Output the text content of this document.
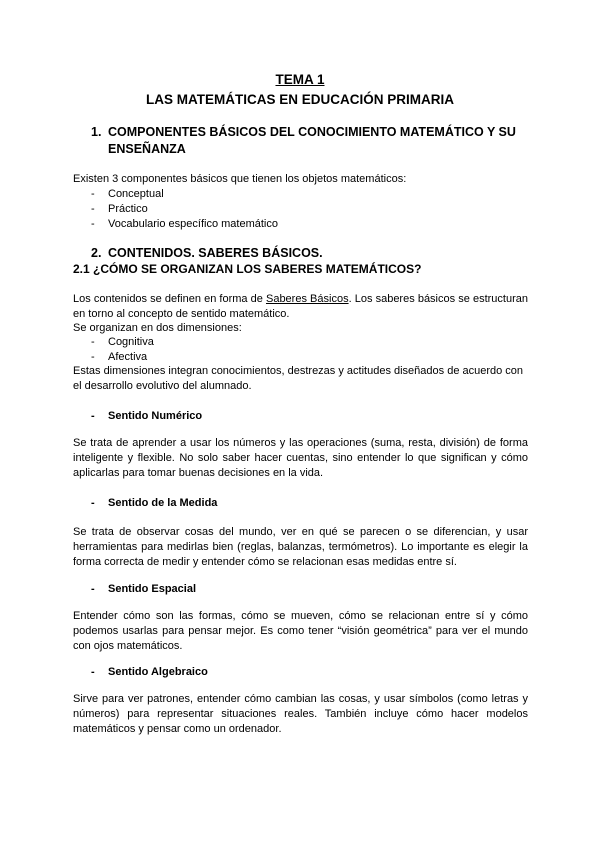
TEMA 1
LAS MATEMÁTICAS EN EDUCACIÓN PRIMARIA
1. COMPONENTES BÁSICOS DEL CONOCIMIENTO MATEMÁTICO Y SU ENSEÑANZA
Existen 3 componentes básicos que tienen los objetos matemáticos:
- Conceptual
- Práctico
- Vocabulario específico matemático
2. CONTENIDOS. SABERES BÁSICOS.
2.1 ¿CÓMO SE ORGANIZAN LOS SABERES MATEMÁTICOS?
Los contenidos se definen en forma de Saberes Básicos. Los saberes básicos se estructuran en torno al concepto de sentido matemático.
Se organizan en dos dimensiones:
- Cognitiva
- Afectiva
Estas dimensiones integran conocimientos, destrezas y actitudes diseñados de acuerdo con el desarrollo evolutivo del alumnado.
- Sentido Numérico
Se trata de aprender a usar los números y las operaciones (suma, resta, división) de forma inteligente y flexible. No solo saber hacer cuentas, sino entender lo que significan y cómo aplicarlas para tomar buenas decisiones en la vida.
- Sentido de la Medida
Se trata de observar cosas del mundo, ver en qué se parecen o se diferencian, y usar herramientas para medirlas bien (reglas, balanzas, termómetros). Lo importante es elegir la forma correcta de medir y entender cómo se relacionan esas medidas entre sí.
- Sentido Espacial
Entender cómo son las formas, cómo se mueven, cómo se relacionan entre sí y cómo podemos usarlas para pensar mejor. Es como tener “visión geométrica” para ver el mundo con ojos matemáticos.
- Sentido Algebraico
Sirve para ver patrones, entender cómo cambian las cosas, y usar símbolos (como letras y números) para representar situaciones reales. También incluye cómo hacer modelos matemáticos y pensar como un ordenador.
